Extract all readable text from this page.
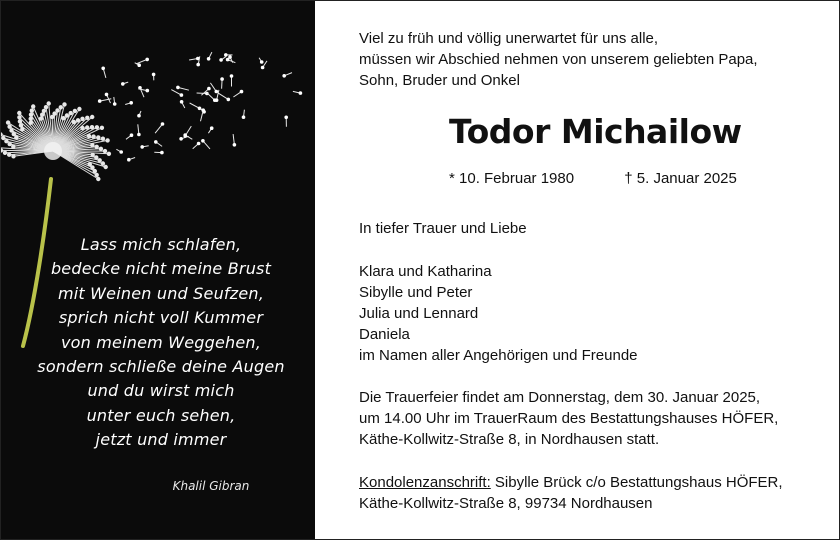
Lass mich schlafen,
bedecke nicht meine Brust
mit Weinen und Seufzen,
sprich nicht voll Kummer
von meinem Weggehen,
sondern schließe deine Augen
und du wirst mich
unter euch sehen,
jetzt und immer
Khalil Gibran
Viel zu früh und völlig unerwartet für uns alle,
müssen wir Abschied nehmen von unserem geliebten Papa,
Sohn, Bruder und Onkel
Todor Michailow
* 10. Februar 1980	† 5. Januar 2025
In tiefer Trauer und Liebe
Klara und Katharina
Sibylle und Peter
Julia und Lennard
Daniela
im Namen aller Angehörigen und Freunde
Die Trauerfeier findet am Donnerstag, dem 30. Januar 2025,
um 14.00 Uhr im TrauerRaum des Bestattungshauses HÖFER,
Käthe-Kollwitz-Straße 8, in Nordhausen statt.
Kondolenzanschrift: Sibylle Brück c/o Bestattungshaus HÖFER,
Käthe-Kollwitz-Straße 8, 99734 Nordhausen
